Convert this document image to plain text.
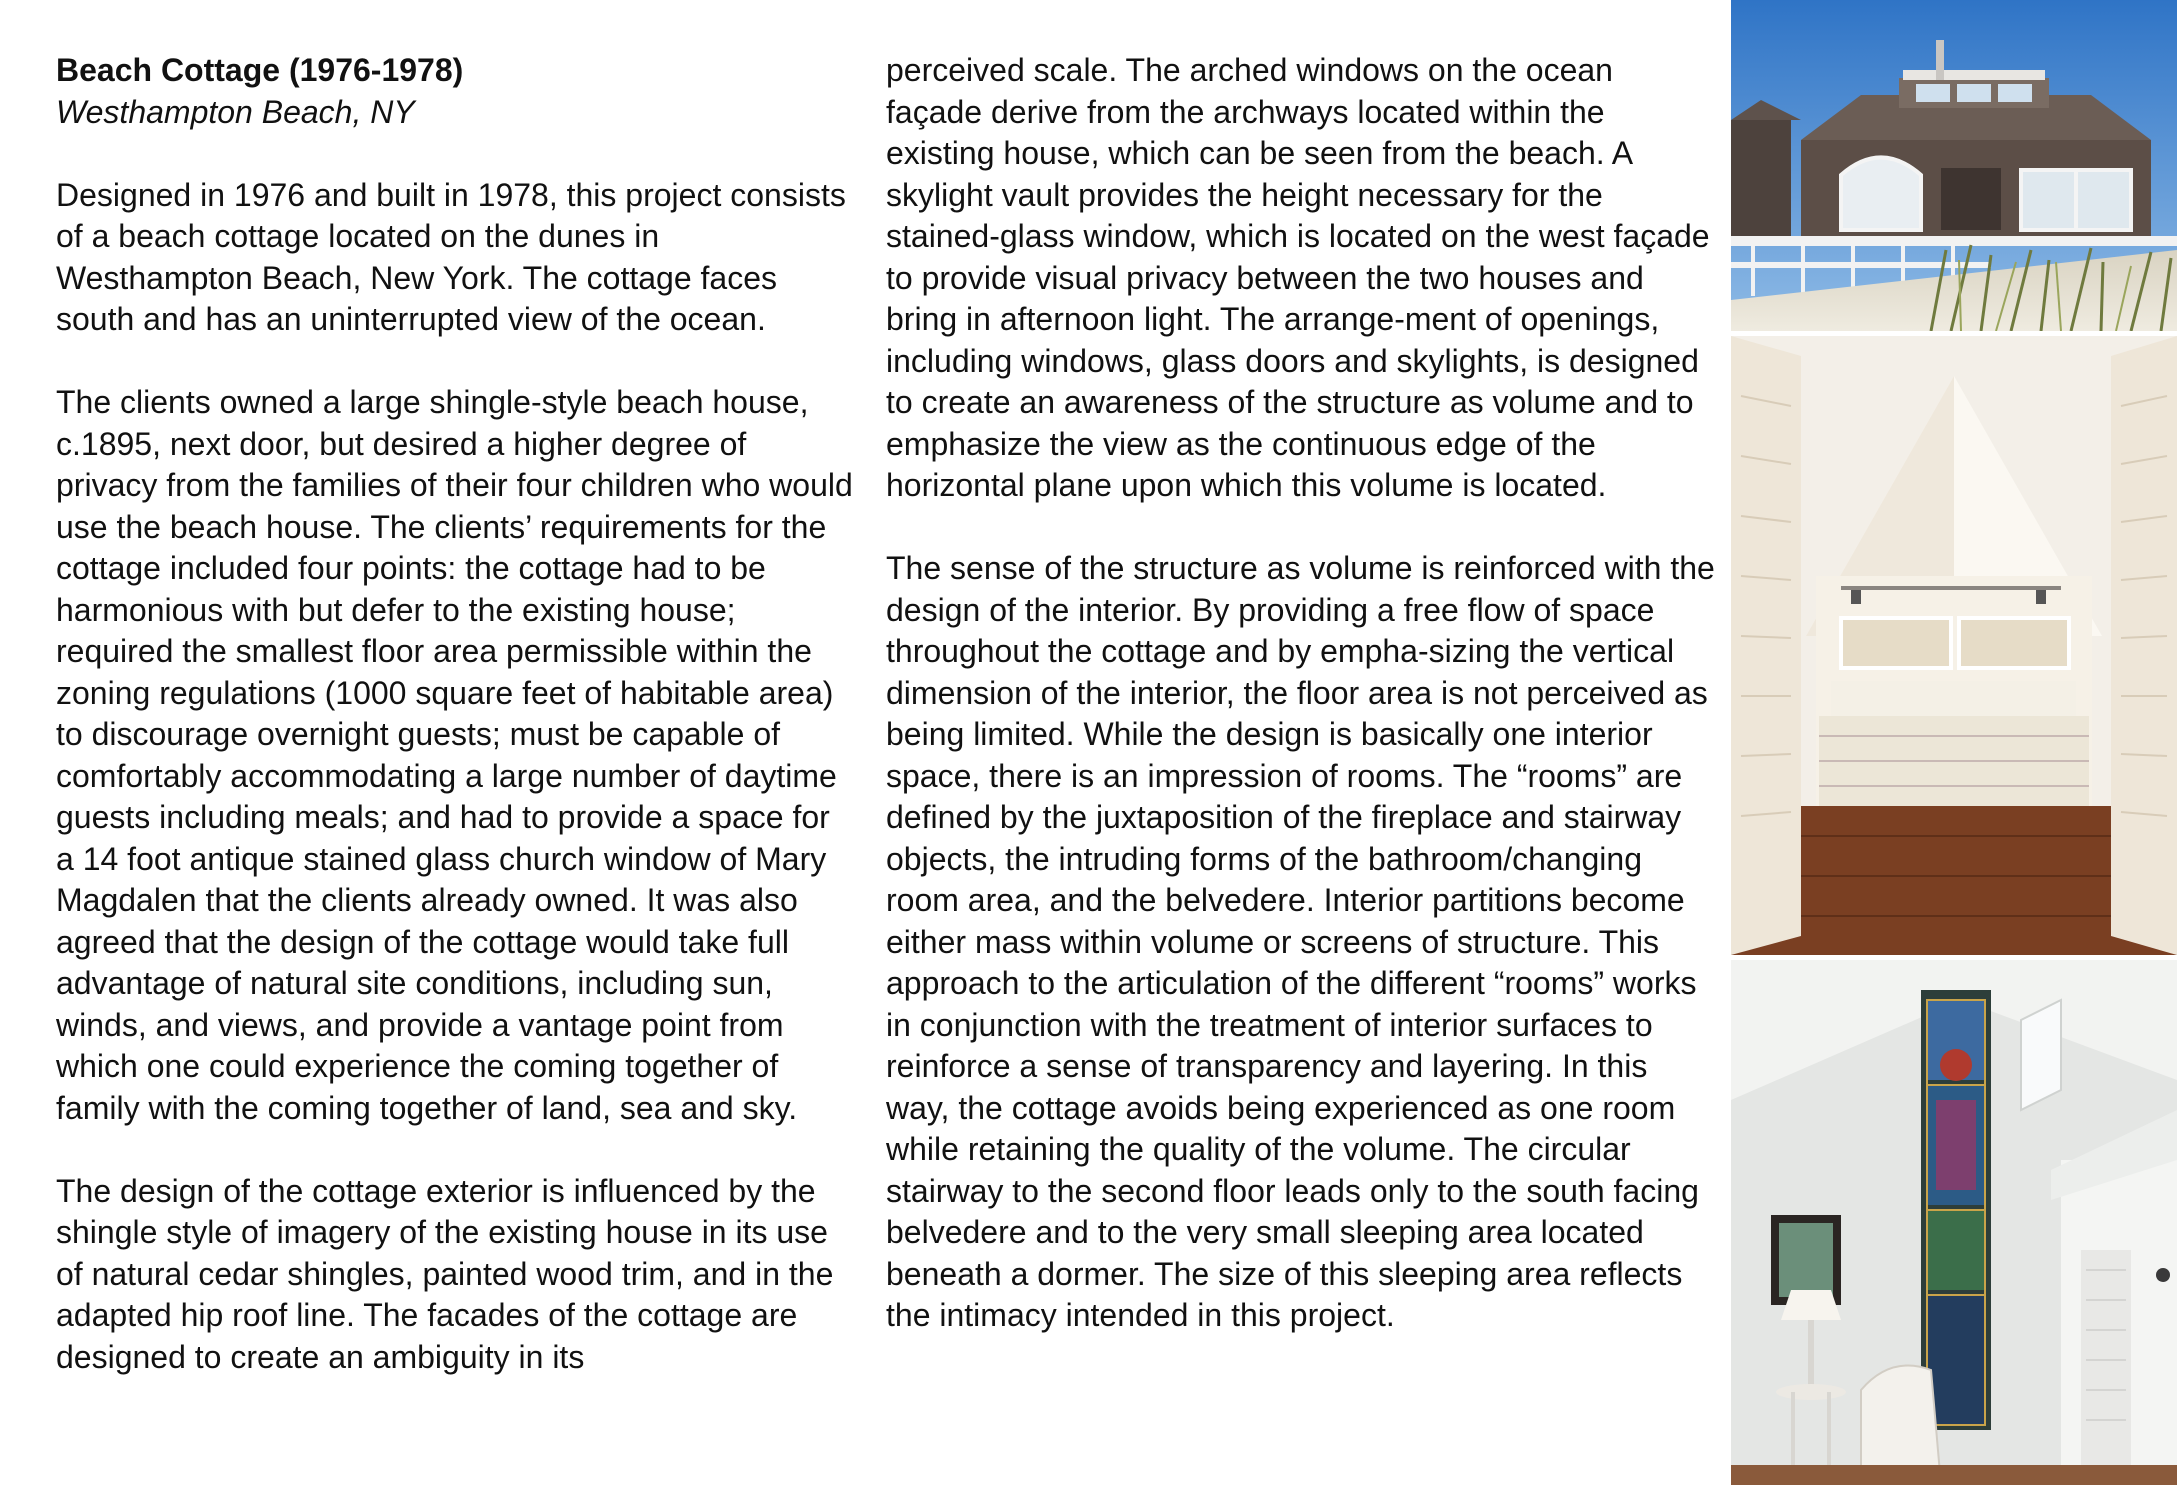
Beach Cottage (1976-1978)

Westhampton Beach, NY

Designed in 1976 and built in 1978, this project consists of a beach cottage located on the dunes in Westhampton Beach, New York. The cottage faces south and has an uninterrupted view of the ocean.

The clients owned a large shingle-style beach house, c.1895, next door, but desired a higher degree of privacy from the families of their four children who would use the beach house. The clients’ requirements for the cottage included four points: the cottage had to be harmonious with but defer to the existing house; required the smallest floor area permissible within the zoning regulations (1000 square feet of habitable area) to discourage overnight guests; must be capable of comfortably accommodating a large number of daytime guests including meals; and had to provide a space for a 14 foot antique stained glass church window of Mary Magdalen that the clients already owned. It was also agreed that the design of the cottage would take full advantage of natural site conditions, including sun, winds, and views, and provide a vantage point from which one could experience the coming together of family with the coming together of land, sea and sky.

The design of the cottage exterior is influenced by the shingle style of imagery of the existing house in its use of natural cedar shingles, painted wood trim, and in the adapted hip roof line. The facades of the cottage are designed to create an ambiguity in its

perceived scale. The arched windows on the ocean façade derive from the archways located within the existing house, which can be seen from the beach. A skylight vault provides the height necessary for the stained-glass window, which is located on the west façade to provide visual privacy between the two houses and bring in afternoon light. The arrange-ment of openings, including windows, glass doors and skylights, is designed to create an awareness of the structure as volume and to emphasize the view as the continuous edge of the horizontal plane upon which this volume is located.

The sense of the structure as volume is reinforced with the design of the interior. By providing a free flow of space throughout the cottage and by empha-sizing the vertical dimension of the interior, the floor area is not perceived as being limited. While the design is basically one interior space, there is an impression of rooms. The “rooms” are defined by the juxtaposition of the fireplace and stairway objects, the intruding forms of the bathroom/changing room area, and the belvedere. Interior partitions become either mass within volume or screens of structure. This approach to the articulation of the different “rooms” works in conjunction with the treatment of interior surfaces to reinforce a sense of transparency and layering. In this way, the cottage avoids being experienced as one room while retaining the quality of the volume. The circular stairway to the second floor leads only to the south facing belvedere and to the very small sleeping area located beneath a dormer. The size of this sleeping area reflects the intimacy intended in this project.
